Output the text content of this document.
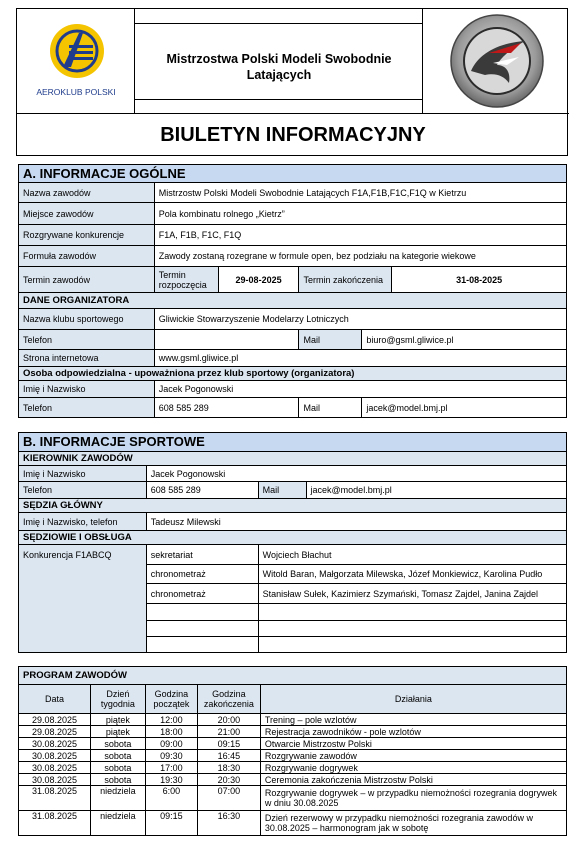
AEROKLUB POLSKI
Mistrzostwa Polski Modeli Swobodnie Latających
BIULETYN INFORMACYJNY
A. INFORMACJE OGÓLNE					
Nazwa zawodów	Mistrzostw Polski Modeli Swobodnie Latających F1A,F1B,F1C,F1Q w Kietrzu				
Miejsce zawodów	Pola kombinatu rolnego „Kietrz”				
Rozgrywane konkurencje	F1A, F1B, F1C, F1Q				
Formuła zawodów	Zawody zostaną rozegrane w formule open, bez podziału na kategorie wiekowe				
Termin zawodów	Termin rozpoczęcia	29-08-2025	Termin zakończenia		31-08-2025
DANE ORGANIZATORA					
Nazwa klubu sportowego	Gliwickie Stowarzyszenie Modelarzy Lotniczych				
Telefon			Mail	biuro@gsml.gliwice.pl	
Strona internetowa	www.gsml.gliwice.pl				
Osoba odpowiedzialna - upoważniona przez klub sportowy (organizatora)					
Imię i Nazwisko	Jacek Pogonowski				
Telefon	608 585 289		Mail	jacek@model.bmj.pl	
B. INFORMACJE SPORTOWE			
KIEROWNIK ZAWODÓW			
Imię i Nazwisko	Jacek Pogonowski		
Telefon	608 585 289	Mail	jacek@model.bmj.pl
SĘDZIA GŁÓWNY			
Imię i Nazwisko, telefon	Tadeusz Milewski		
SĘDZIOWIE I OBSŁUGA			
Konkurencja F1ABCQ	sekretariat	Wojciech Błachut	
	chronometraż	Witold Baran, Małgorzata Milewska, Józef Monkiewicz, Karolina Pudło	
	chronometraż	Stanisław Sułek, Kazimierz Szymański, Tomasz Zajdel, Janina Zajdel	

PROGRAM ZAWODÓW				
Data	Dzień tygodnia	Godzina początek	Godzina zakończenia	Działania
29.08.2025	piątek	12:00	20:00	Trening – pole wzlotów
29.08.2025	piątek	18:00	21:00	Rejestracja zawodników - pole wzlotów
30.08.2025	sobota	09:00	09:15	Otwarcie Mistrzostw Polski
30.08.2025	sobota	09:30	16:45	Rozgrywanie zawodów
30.08.2025	sobota	17:00	18:30	Rozgrywanie dogrywek
30.08.2025	sobota	19:30	20:30	Ceremonia zakończenia Mistrzostw Polski
31.08.2025	niedziela	6:00	07:00	Rozgrywanie dogrywek – w przypadku niemożności rozegrania dogrywek w dniu 30.08.2025
31.08.2025	niedziela	09:15	16:30	Dzień rezerwowy w przypadku niemożności rozegrania zawodów w 30.08.2025 – harmonogram jak w sobotę
